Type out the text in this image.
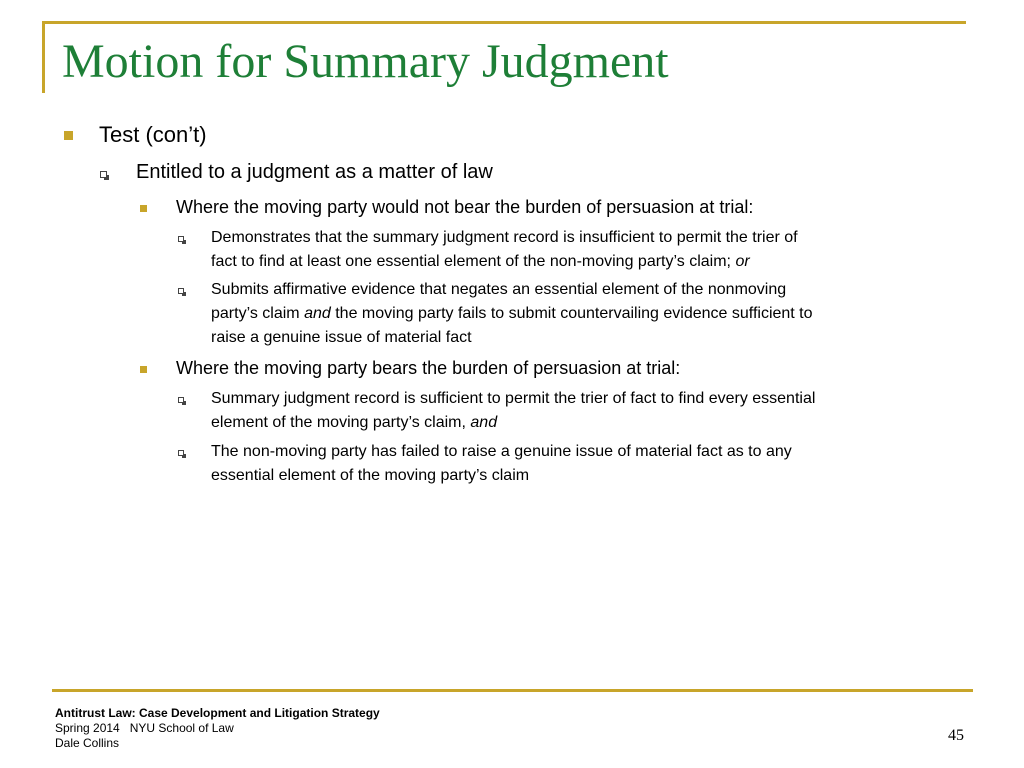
Motion for Summary Judgment
Test (con’t)
Entitled to a judgment as a matter of law
Where the moving party would not bear the burden of persuasion at trial:
Demonstrates that the summary judgment record is insufficient to permit the trier of
fact to find at least one essential element of the non-moving party’s claim; or
Submits affirmative evidence that negates an essential element of the nonmoving
party’s claim and the moving party fails to submit countervailing evidence sufficient to
raise a genuine issue of material fact
Where the moving party bears the burden of persuasion at trial:
Summary judgment record is sufficient to permit the trier of fact to find every essential
element of the moving party’s claim, and
The non-moving party has failed to raise a genuine issue of material fact as to any
essential element of the moving party’s claim
Antitrust Law: Case Development and Litigation Strategy
Spring 2014   NYU School of Law
Dale Collins	45
